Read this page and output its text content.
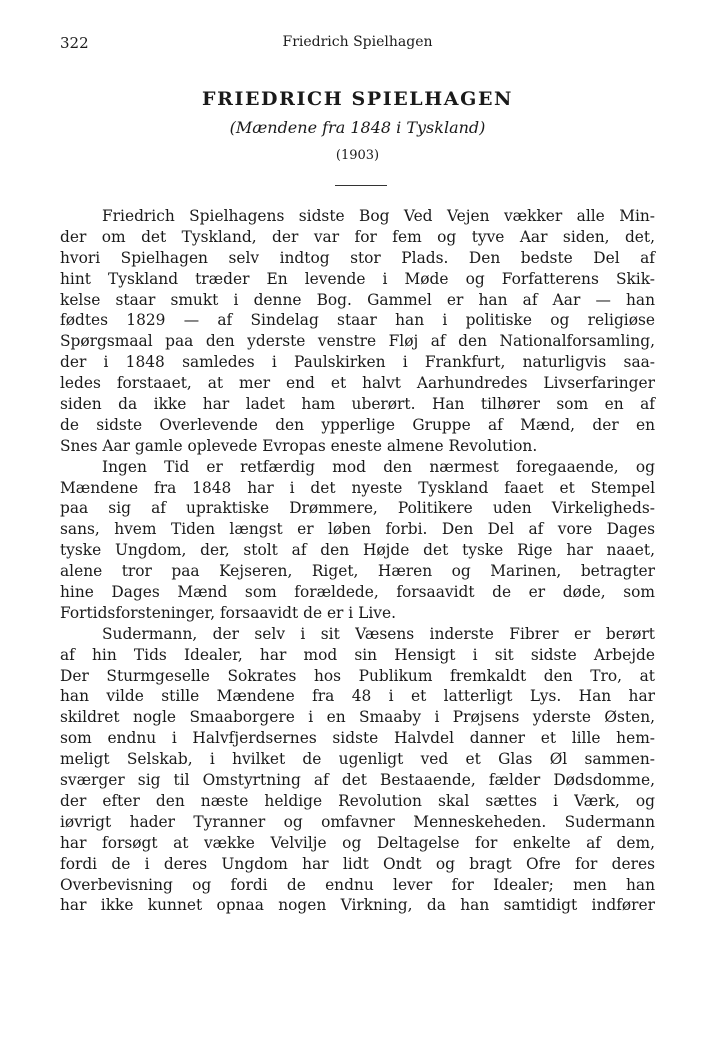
322	Friedrich Spielhagen
FRIEDRICH SPIELHAGEN
(Mændene fra 1848 i Tyskland)
(1903)
Friedrich Spielhagens sidste Bog Ved Vejen vækker alle Min-
der om det Tyskland, der var for fem og tyve Aar siden, det,
hvori Spielhagen selv indtog stor Plads. Den bedste Del af
hint Tyskland træder En levende i Møde og Forfatterens Skik-
kelse staar smukt i denne Bog. Gammel er han af Aar — han
fødtes 1829 — af Sindelag staar han i politiske og religiøse
Spørgsmaal paa den yderste venstre Fløj af den Nationalforsamling,
der i 1848 samledes i Paulskirken i Frankfurt, naturligvis saa-
ledes forstaaet, at mer end et halvt Aarhundredes Livserfaringer
siden da ikke har ladet ham uberørt. Han tilhører som en af
de sidste Overlevende den ypperlige Gruppe af Mænd, der en
Snes Aar gamle oplevede Evropas eneste almene Revolution.
Ingen Tid er retfærdig mod den nærmest foregaaende, og
Mændene fra 1848 har i det nyeste Tyskland faaet et Stempel
paa sig af upraktiske Drømmere, Politikere uden Virkeligheds-
sans, hvem Tiden længst er løben forbi. Den Del af vore Dages
tyske Ungdom, der, stolt af den Højde det tyske Rige har naaet,
alene tror paa Kejseren, Riget, Hæren og Marinen, betragter
hine Dages Mænd som forældede, forsaavidt de er døde, som
Fortidsforsteninger, forsaavidt de er i Live.
Sudermann, der selv i sit Væsens inderste Fibrer er berørt
af hin Tids Idealer, har mod sin Hensigt i sit sidste Arbejde
Der Sturmgeselle Sokrates hos Publikum fremkaldt den Tro, at
han vilde stille Mændene fra 48 i et latterligt Lys. Han har
skildret nogle Smaaborgere i en Smaaby i Prøjsens yderste Østen,
som endnu i Halvfjerdsernes sidste Halvdel danner et lille hem-
meligt Selskab, i hvilket de ugenligt ved et Glas Øl sammen-
sværger sig til Omstyrtning af det Bestaaende, fælder Dødsdomme,
der efter den næste heldige Revolution skal sættes i Værk, og
iøvrigt hader Tyranner og omfavner Menneskeheden. Sudermann
har forsøgt at vække Velvilje og Deltagelse for enkelte af dem,
fordi de i deres Ungdom har lidt Ondt og bragt Ofre for deres
Overbevisning og fordi de endnu lever for Idealer; men han
har ikke kunnet opnaa nogen Virkning, da han samtidigt indfører
